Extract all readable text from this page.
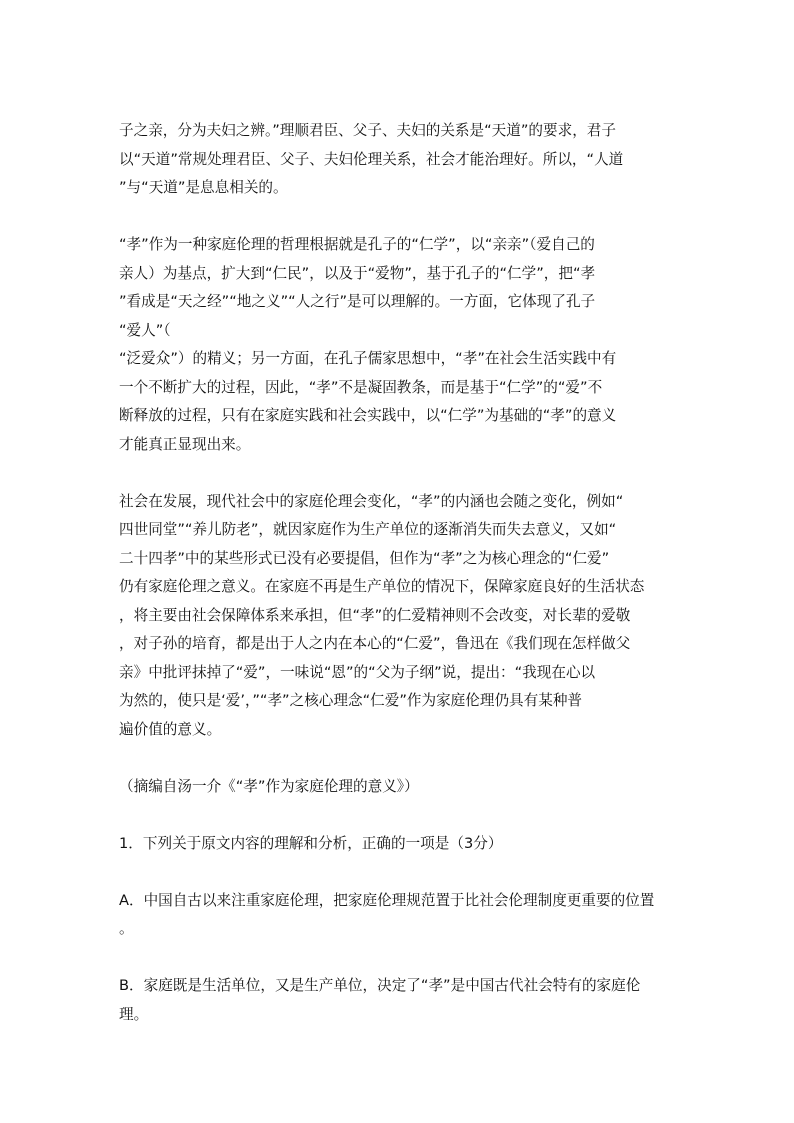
子之亲，分为夫妇之辨。”理顺君臣、父子、夫妇的关系是“天道”的要求，君子
以“天道”常规处理君臣、父子、夫妇伦理关系，社会才能治理好。所以，“人道
”与“天道”是息息相关的。
“孝”作为一种家庭伦理的哲理根据就是孔子的“仁学”，以“亲亲”（爱自己的
亲人）为基点，扩大到“仁民”，以及于“爱物”，基于孔子的“仁学”，把“孝
”看成是“天之经”“地之义”“人之行”是可以理解的。一方面，它体现了孔子
“爱人”（
“泛爱众”）的精义；另一方面，在孔子儒家思想中，“孝”在社会生活实践中有
一个不断扩大的过程，因此，“孝”不是凝固教条，而是基于“仁学”的“爱”不
断释放的过程，只有在家庭实践和社会实践中，以“仁学”为基础的“孝”的意义
才能真正显现出来。
社会在发展，现代社会中的家庭伦理会变化，“孝”的内涵也会随之变化，例如“
四世同堂”“养儿防老”，就因家庭作为生产单位的逐渐消失而失去意义，又如“
二十四孝”中的某些形式已没有必要提倡，但作为“孝”之为核心理念的“仁爱”
仍有家庭伦理之意义。在家庭不再是生产单位的情况下，保障家庭良好的生活状态
，将主要由社会保障体系来承担，但“孝”的仁爱精神则不会改变，对长辈的爱敬
，对子孙的培育，都是出于人之内在本心的“仁爱”，鲁迅在《我们现在怎样做父
亲》中批评抹掉了“爱”，一味说“恩”的“父为子纲”说，提出：“我现在心以
为然的，使只是‘爱’，”“孝”之核心理念“仁爱”作为家庭伦理仍具有某种普
遍价值的意义。
（摘编自汤一介《“孝”作为家庭伦理的意义》）
1．下列关于原文内容的理解和分析，正确的一项是（3分）
A．中国自古以来注重家庭伦理，把家庭伦理规范置于比社会伦理制度更重要的位置
。
B．家庭既是生活单位，又是生产单位，决定了“孝”是中国古代社会特有的家庭伦
理。
